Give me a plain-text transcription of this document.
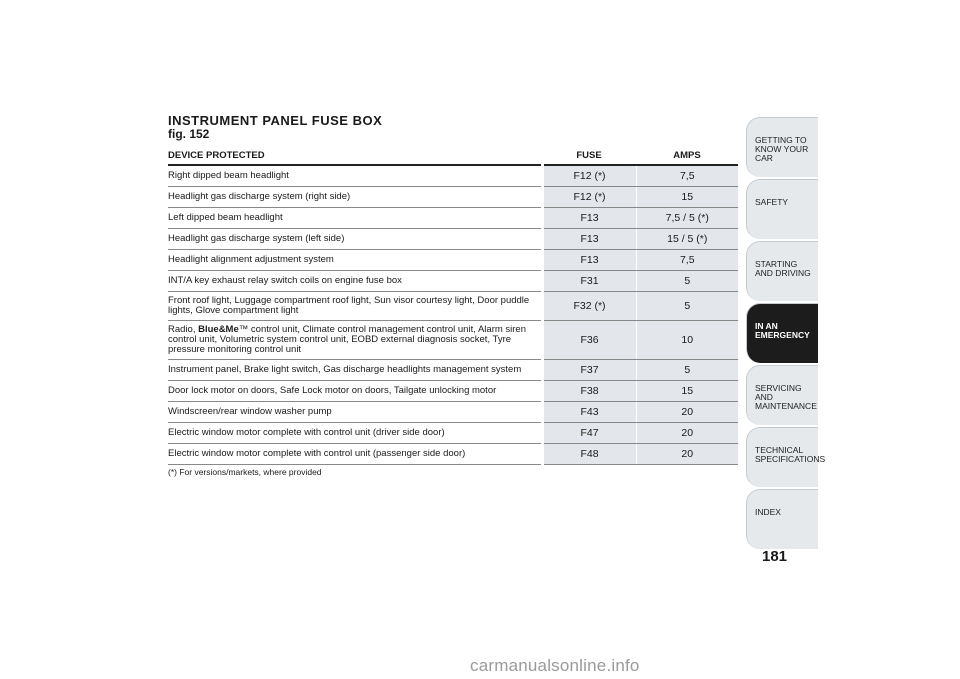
INSTRUMENT PANEL FUSE BOX

fig. 152

DEVICE PROTECTED	FUSE	AMPS
Right dipped beam headlight	F12 (*)	7,5
Headlight gas discharge system (right side)	F12 (*)	15
Left dipped beam headlight	F13	7,5 / 5 (*)
Headlight gas discharge system (left side)	F13	15 / 5 (*)
Headlight alignment adjustment system	F13	7,5
INT/A key exhaust relay switch coils on engine fuse box	F31	5
Front roof light, Luggage compartment roof light, Sun visor courtesy light, Door puddle lights, Glove compartment light	F32 (*)	5
Radio, Blue&Me™ control unit, Climate control management control unit, Alarm siren control unit, Volumetric system control unit, EOBD external diagnosis socket, Tyre pressure monitoring control unit	F36	10
Instrument panel, Brake light switch, Gas discharge headlights management system	F37	5
Door lock motor on doors, Safe Lock motor on doors, Tailgate unlocking motor	F38	15
Windscreen/rear window washer pump	F43	20
Electric window motor complete with control unit (driver side door)	F47	20
Electric window motor complete with control unit (passenger side door)	F48	20
(*) For versions/markets, where provided
GETTING TO KNOW YOUR CAR
SAFETY
STARTING AND DRIVING
IN AN EMERGENCY
SERVICING AND MAINTENANCE
TECHNICAL SPECIFICATIONS
INDEX
181
carmanualsonline.info
